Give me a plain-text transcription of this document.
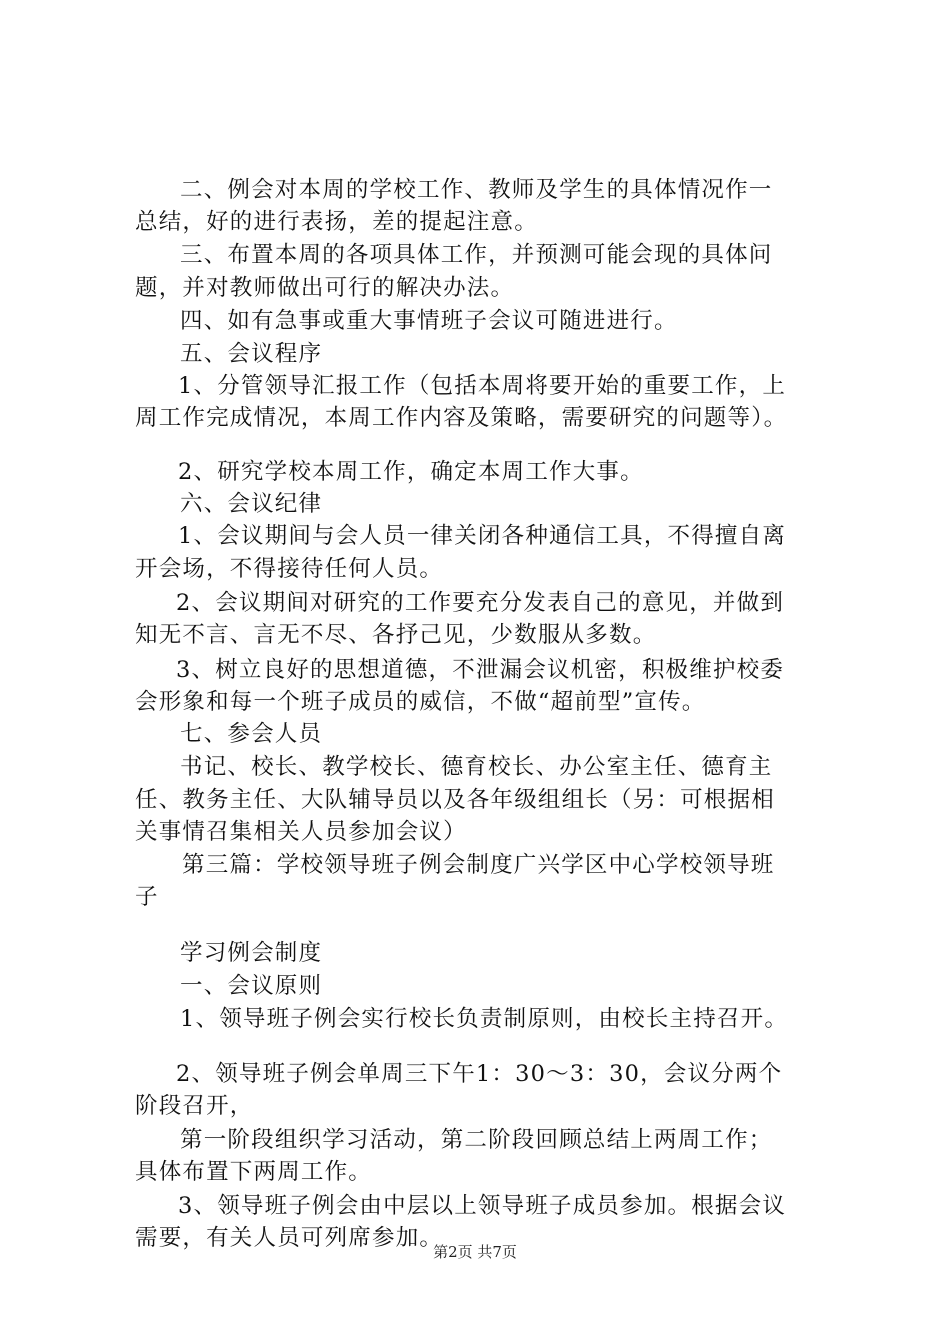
二、例会对本周的学校工作、教师及学生的具体情况作一

总结，好的进行表扬，差的提起注意。

三、布置本周的各项具体工作，并预测可能会现的具体问

题，并对教师做出可行的解决办法。

四、如有急事或重大事情班子会议可随进进行。

五、会议程序

1、分管领导汇报工作（包括本周将要开始的重要工作，上

周工作完成情况，本周工作内容及策略，需要研究的问题等）。

2、研究学校本周工作，确定本周工作大事。

六、会议纪律

1、会议期间与会人员一律关闭各种通信工具，不得擅自离

开会场，不得接待任何人员。

2、会议期间对研究的工作要充分发表自己的意见，并做到

知无不言、言无不尽、各抒己见，少数服从多数。

3、树立良好的思想道德，不泄漏会议机密，积极维护校委

会形象和每一个班子成员的威信，不做“超前型”宣传。

七、参会人员

书记、校长、教学校长、德育校长、办公室主任、德育主

任、教务主任、大队辅导员以及各年级组组长（另：可根据相

关事情召集相关人员参加会议）

第三篇：学校领导班子例会制度广兴学区中心学校领导班

子

学习例会制度

一、会议原则

1、领导班子例会实行校长负责制原则，由校长主持召开。

2、领导班子例会单周三下午1：30～3：30，会议分两个

阶段召开，

第一阶段组织学习活动，第二阶段回顾总结上两周工作；

具体布置下两周工作。

3、领导班子例会由中层以上领导班子成员参加。根据会议

需要，有关人员可列席参加。

第2页 共7页
